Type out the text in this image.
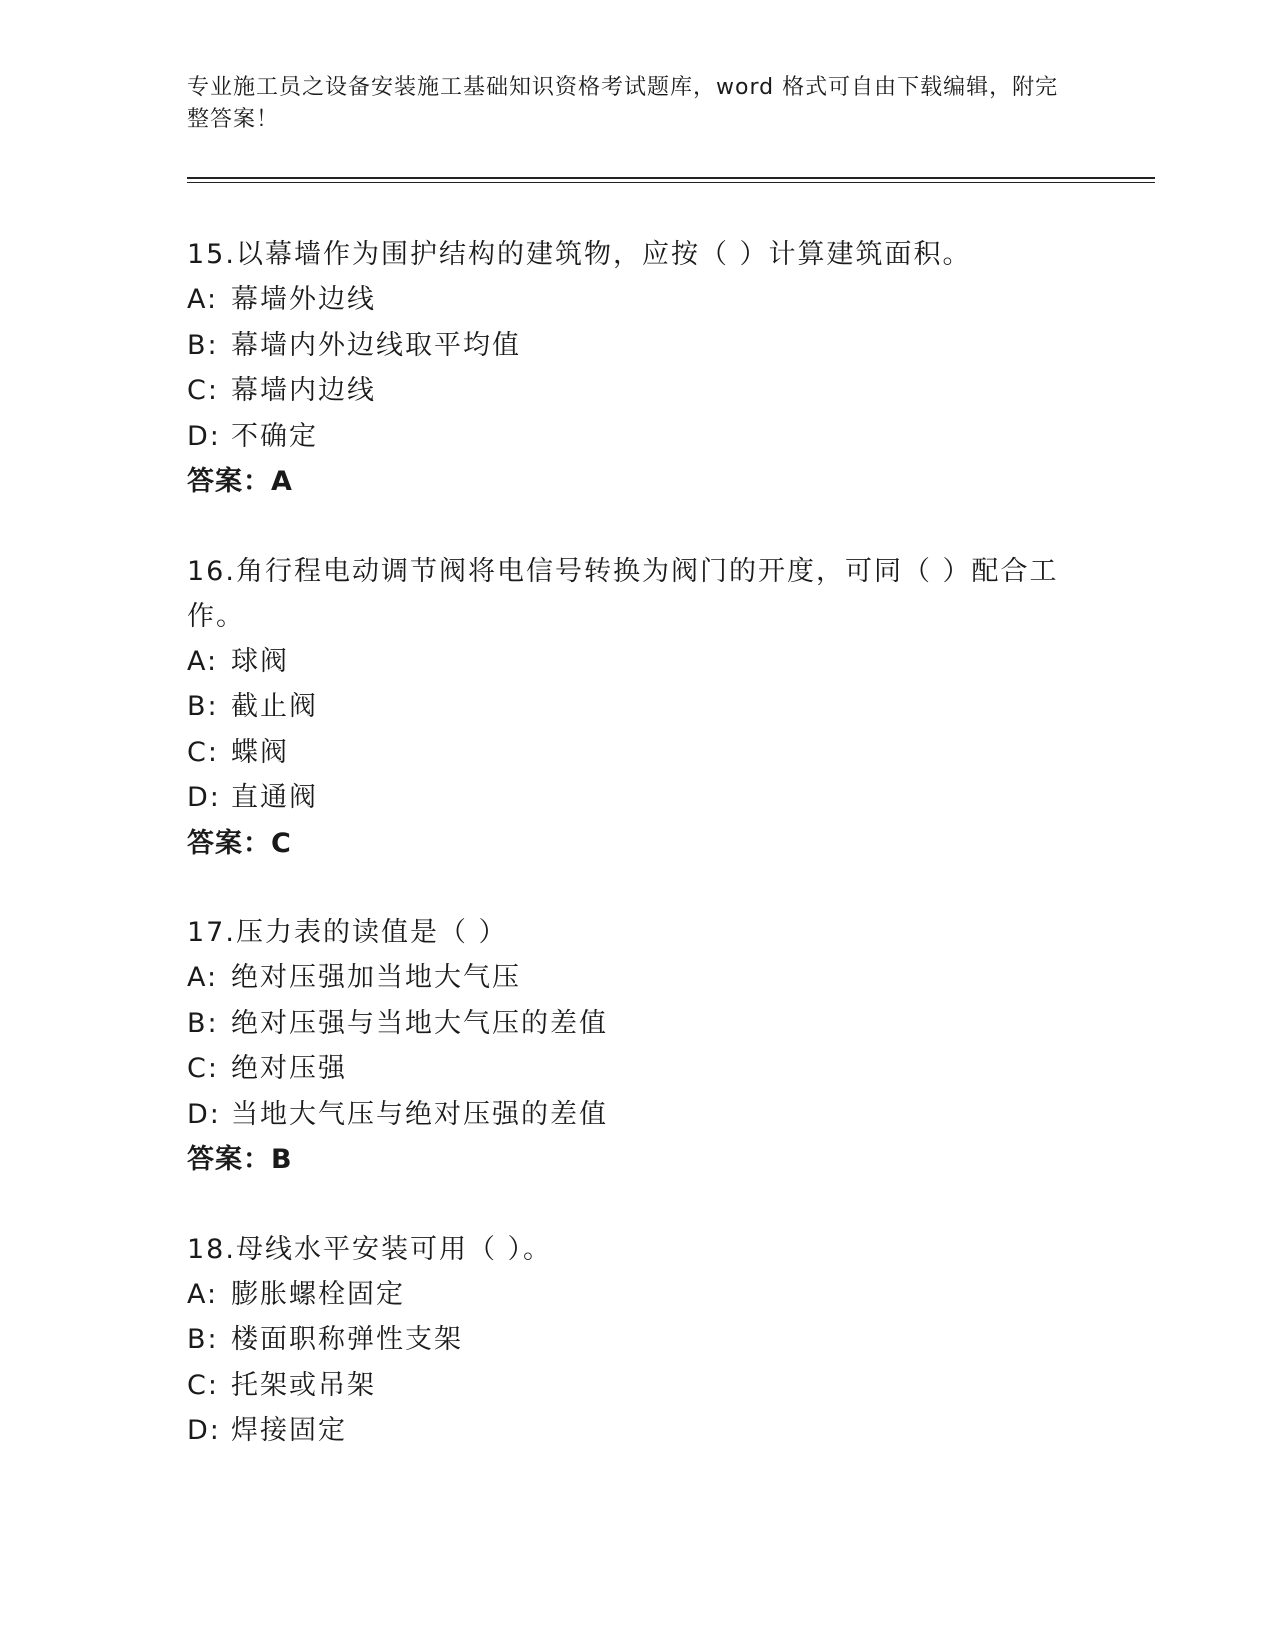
专业施工员之设备安装施工基础知识资格考试题库，word 格式可自由下载编辑，附完整答案！
15.以幕墙作为围护结构的建筑物，应按（ ）计算建筑面积。
A: 幕墙外边线
B: 幕墙内外边线取平均值
C: 幕墙内边线
D: 不确定
答案：A
16.角行程电动调节阀将电信号转换为阀门的开度，可同（ ）配合工作。
A: 球阀
B: 截止阀
C: 蝶阀
D: 直通阀
答案：C
17.压力表的读值是（ ）
A: 绝对压强加当地大气压
B: 绝对压强与当地大气压的差值
C: 绝对压强
D: 当地大气压与绝对压强的差值
答案：B
18.母线水平安装可用（ ）。
A: 膨胀螺栓固定
B: 楼面职称弹性支架
C: 托架或吊架
D: 焊接固定
